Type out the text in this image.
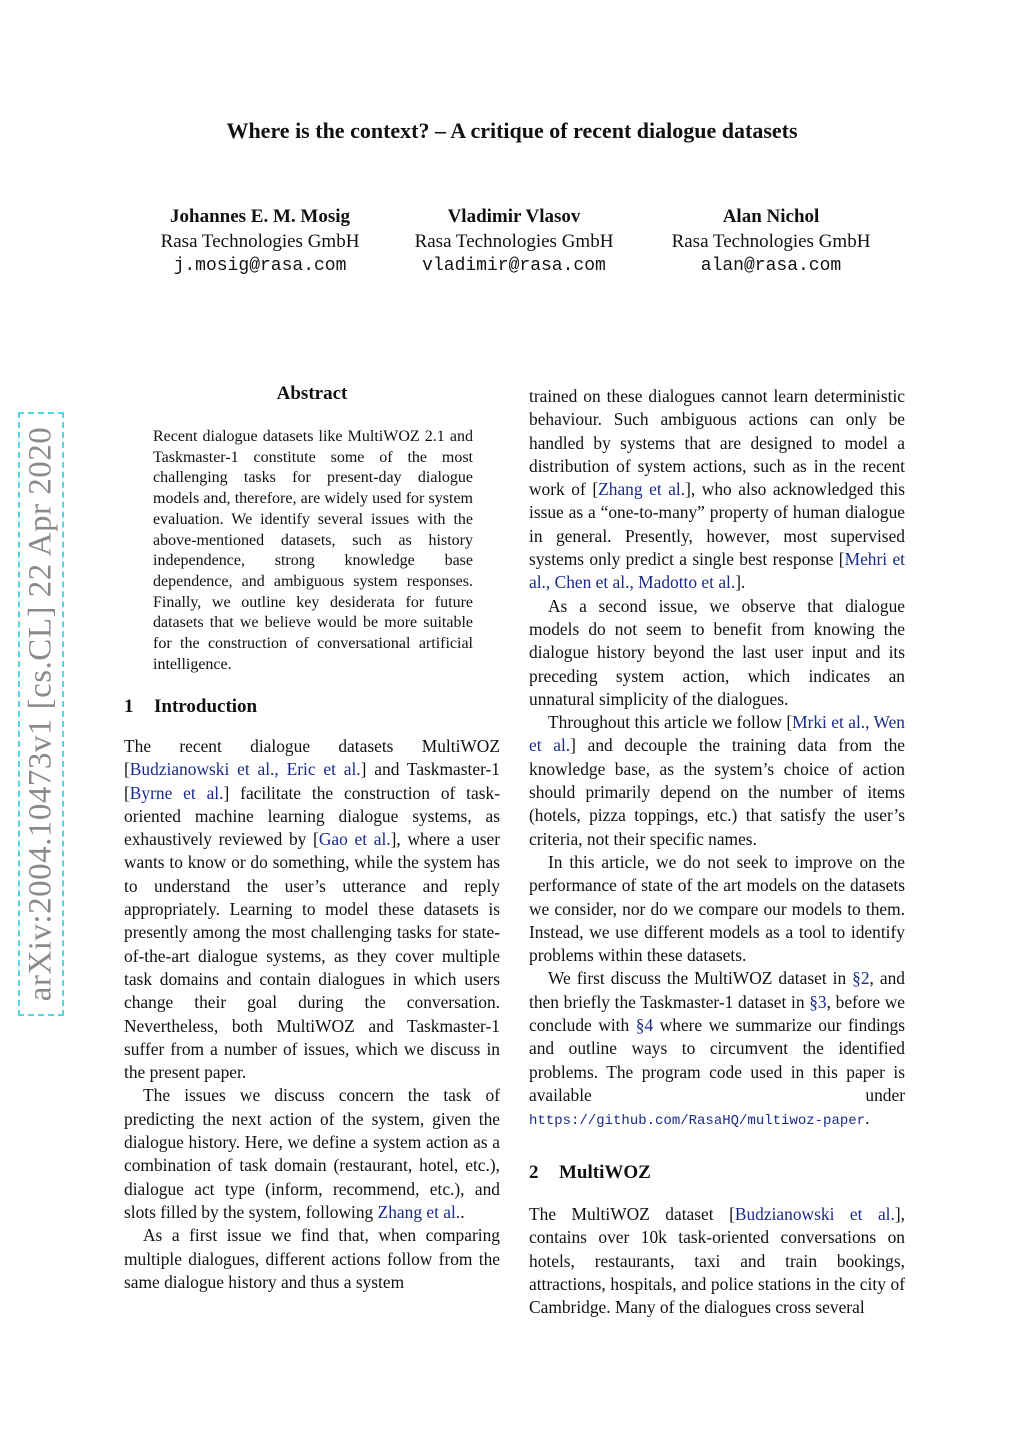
Where is the context? – A critique of recent dialogue datasets
Johannes E. M. Mosig
Rasa Technologies GmbH
j.mosig@rasa.com
Vladimir Vlasov
Rasa Technologies GmbH
vladimir@rasa.com
Alan Nichol
Rasa Technologies GmbH
alan@rasa.com
arXiv:2004.10473v1 [cs.CL] 22 Apr 2020
Abstract
Recent dialogue datasets like MultiWOZ 2.1 and Taskmaster-1 constitute some of the most challenging tasks for present-day dialogue models and, therefore, are widely used for system evaluation. We identify several issues with the above-mentioned datasets, such as history independence, strong knowledge base dependence, and ambiguous system responses. Finally, we outline key desiderata for future datasets that we believe would be more suitable for the construction of conversational artificial intelligence.
1 Introduction

The recent dialogue datasets MultiWOZ [Budzianowski et al., Eric et al.] and Taskmaster-1 [Byrne et al.] facilitate the construction of task-oriented machine learning dialogue systems, as exhaustively reviewed by [Gao et al.], where a user wants to know or do something, while the system has to understand the user’s utterance and reply appropriately. Learning to model these datasets is presently among the most challenging tasks for state-of-the-art dialogue systems, as they cover multiple task domains and contain dialogues in which users change their goal during the conversation. Nevertheless, both MultiWOZ and Taskmaster-1 suffer from a number of issues, which we discuss in the present paper.

The issues we discuss concern the task of predicting the next action of the system, given the dialogue history. Here, we define a system action as a combination of task domain (restaurant, hotel, etc.), dialogue act type (inform, recommend, etc.), and slots filled by the system, following Zhang et al..

As a first issue we find that, when comparing multiple dialogues, different actions follow from the same dialogue history and thus a system

trained on these dialogues cannot learn deterministic behaviour. Such ambiguous actions can only be handled by systems that are designed to model a distribution of system actions, such as in the recent work of [Zhang et al.], who also acknowledged this issue as a “one-to-many” property of human dialogue in general. Presently, however, most supervised systems only predict a single best response [Mehri et al., Chen et al., Madotto et al.].

As a second issue, we observe that dialogue models do not seem to benefit from knowing the dialogue history beyond the last user input and its preceding system action, which indicates an unnatural simplicity of the dialogues.

Throughout this article we follow [Mrki et al., Wen et al.] and decouple the training data from the knowledge base, as the system’s choice of action should primarily depend on the number of items (hotels, pizza toppings, etc.) that satisfy the user’s criteria, not their specific names.

In this article, we do not seek to improve on the performance of state of the art models on the datasets we consider, nor do we compare our models to them. Instead, we use different models as a tool to identify problems within these datasets.

We first discuss the MultiWOZ dataset in §2, and then briefly the Taskmaster-1 dataset in §3, before we conclude with §4 where we summarize our findings and outline ways to circumvent the identified problems. The program code used in this paper is available under https://github.com/RasaHQ/multiwoz-paper.

2 MultiWOZ

The MultiWOZ dataset [Budzianowski et al.], contains over 10k task-oriented conversations on hotels, restaurants, taxi and train bookings, attractions, hospitals, and police stations in the city of Cambridge. Many of the dialogues cross several
